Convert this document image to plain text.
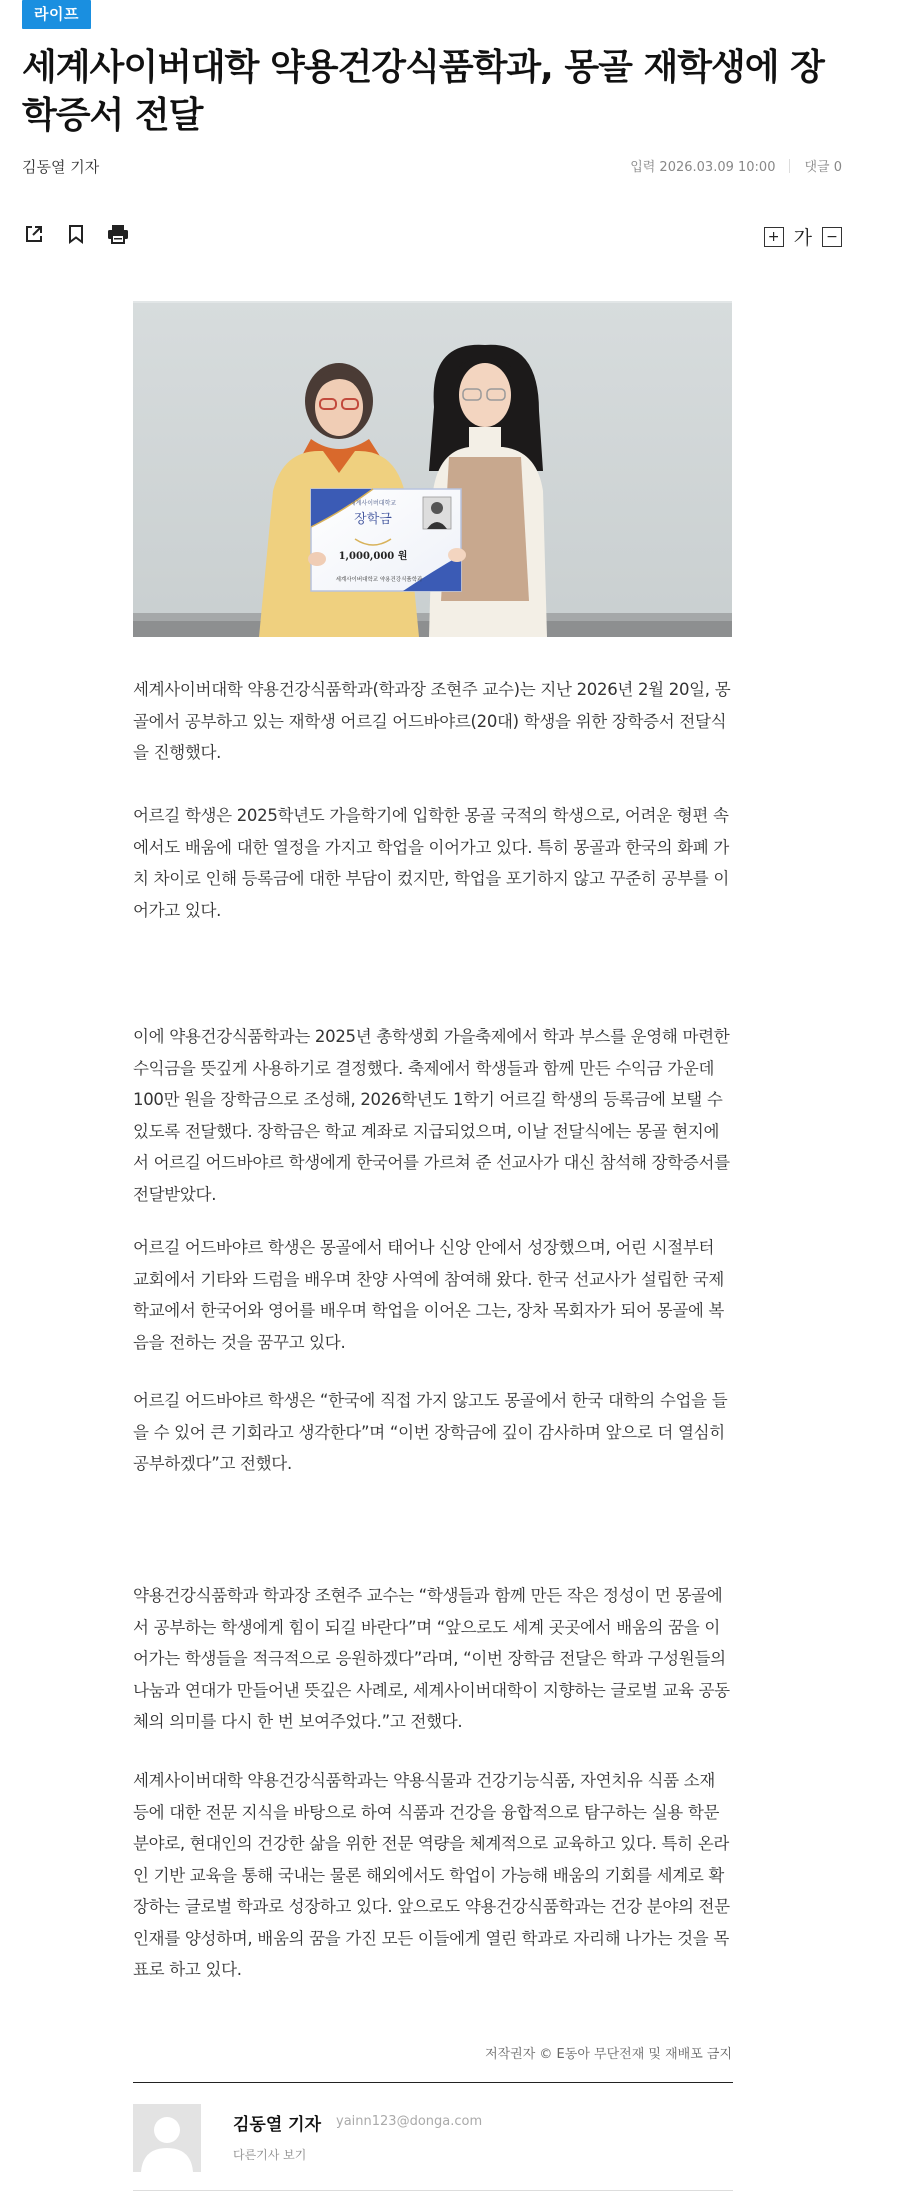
라이프
세계사이버대학 약용건강식품학과, 몽골 재학생에 장학증서 전달
김동열 기자	입력 2026.03.09 10:00 댓글 0
+ 가 −
세계사이버대학교
장학금
1,000,000 원
세계사이버대학교 약용건강식품학과

세계사이버대학 약용건강식품학과(학과장 조현주 교수)는 지난 2026년 2월 20일, 몽골에서 공부하고 있는 재학생 어르길 어드바야르(20대) 학생을 위한 장학증서 전달식을 진행했다.

어르길 학생은 2025학년도 가을학기에 입학한 몽골 국적의 학생으로, 어려운 형편 속에서도 배움에 대한 열정을 가지고 학업을 이어가고 있다. 특히 몽골과 한국의 화폐 가치 차이로 인해 등록금에 대한 부담이 컸지만, 학업을 포기하지 않고 꾸준히 공부를 이어가고 있다.

이에 약용건강식품학과는 2025년 총학생회 가을축제에서 학과 부스를 운영해 마련한 수익금을 뜻깊게 사용하기로 결정했다. 축제에서 학생들과 함께 만든 수익금 가운데 100만 원을 장학금으로 조성해, 2026학년도 1학기 어르길 학생의 등록금에 보탤 수 있도록 전달했다. 장학금은 학교 계좌로 지급되었으며, 이날 전달식에는 몽골 현지에서 어르길 어드바야르 학생에게 한국어를 가르쳐 준 선교사가 대신 참석해 장학증서를 전달받았다.

어르길 어드바야르 학생은 몽골에서 태어나 신앙 안에서 성장했으며, 어린 시절부터 교회에서 기타와 드럼을 배우며 찬양 사역에 참여해 왔다. 한국 선교사가 설립한 국제학교에서 한국어와 영어를 배우며 학업을 이어온 그는, 장차 목회자가 되어 몽골에 복음을 전하는 것을 꿈꾸고 있다.

어르길 어드바야르 학생은 “한국에 직접 가지 않고도 몽골에서 한국 대학의 수업을 들을 수 있어 큰 기회라고 생각한다”며 “이번 장학금에 깊이 감사하며 앞으로 더 열심히 공부하겠다”고 전했다.

약용건강식품학과 학과장 조현주 교수는 “학생들과 함께 만든 작은 정성이 먼 몽골에서 공부하는 학생에게 힘이 되길 바란다”며 “앞으로도 세계 곳곳에서 배움의 꿈을 이어가는 학생들을 적극적으로 응원하겠다”라며, “이번 장학금 전달은 학과 구성원들의 나눔과 연대가 만들어낸 뜻깊은 사례로, 세계사이버대학이 지향하는 글로벌 교육 공동체의 의미를 다시 한 번 보여주었다.”고 전했다.

세계사이버대학 약용건강식품학과는 약용식물과 건강기능식품, 자연치유 식품 소재 등에 대한 전문 지식을 바탕으로 하여 식품과 건강을 융합적으로 탐구하는 실용 학문 분야로, 현대인의 건강한 삶을 위한 전문 역량을 체계적으로 교육하고 있다. 특히 온라인 기반 교육을 통해 국내는 물론 해외에서도 학업이 가능해 배움의 기회를 세계로 확장하는 글로벌 학과로 성장하고 있다. 앞으로도 약용건강식품학과는 건강 분야의 전문 인재를 양성하며, 배움의 꿈을 가진 모든 이들에게 열린 학과로 자리해 나가는 것을 목표로 하고 있다.

저작권자 © E동아 무단전재 및 재배포 금지
김동열 기자 yainn123@donga.com
다른기사 보기
